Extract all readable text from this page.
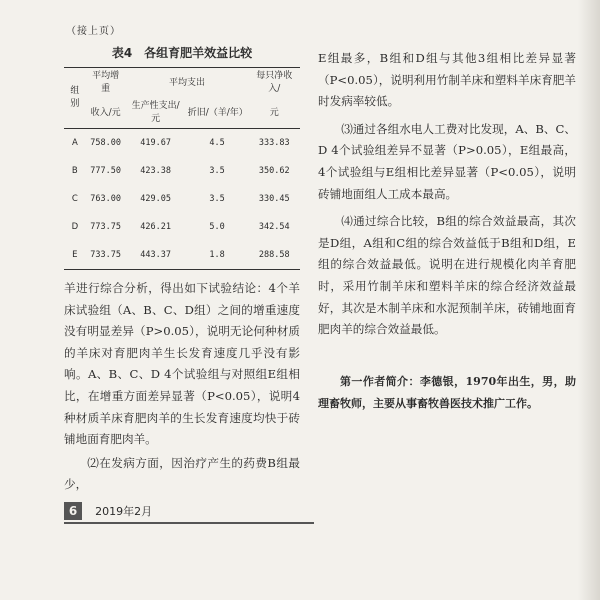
（接上页）
表4　各组育肥羊效益比较
组别	平均增重	平均支出		每只净收入/
	收入/元	生产性支出/元	折旧/（羊/年）	元
A	758.00	419.67	4.5	333.83
B	777.50	423.38	3.5	350.62
C	763.00	429.05	3.5	330.45
D	773.75	426.21	5.0	342.54
E	733.75	443.37	1.8	288.58

羊进行综合分析，得出如下试验结论：4个羊床试验组（A、B、C、D组）之间的增重速度没有明显差异（P>0.05），说明无论何种材质的羊床对育肥肉羊生长发育速度几乎没有影响。A、B、C、D 4个试验组与对照组E组相比，在增重方面差异显著（P<0.05），说明4种材质羊床育肥肉羊的生长发育速度均快于砖铺地面育肥肉羊。

⑵在发病方面，因治疗产生的药费B组最少，

E组最多，B组和D组与其他3组相比差异显著（P<0.05），说明利用竹制羊床和塑料羊床育肥羊时发病率较低。

⑶通过各组水电人工费对比发现，A、B、C、D 4个试验组差异不显著（P>0.05），E组最高，4个试验组与E组相比差异显著（P<0.05），说明砖铺地面组人工成本最高。

⑷通过综合比较，B组的综合效益最高，其次是D组，A组和C组的综合效益低于B组和D组，E组的综合效益最低。说明在进行规模化肉羊育肥时，采用竹制羊床和塑料羊床的综合经济效益最好，其次是木制羊床和水泥预制羊床，砖铺地面育肥肉羊的综合效益最低。

第一作者简介：李德银，1970年出生，男，助理畜牧师，主要从事畜牧兽医技术推广工作。

6 2019年2月
